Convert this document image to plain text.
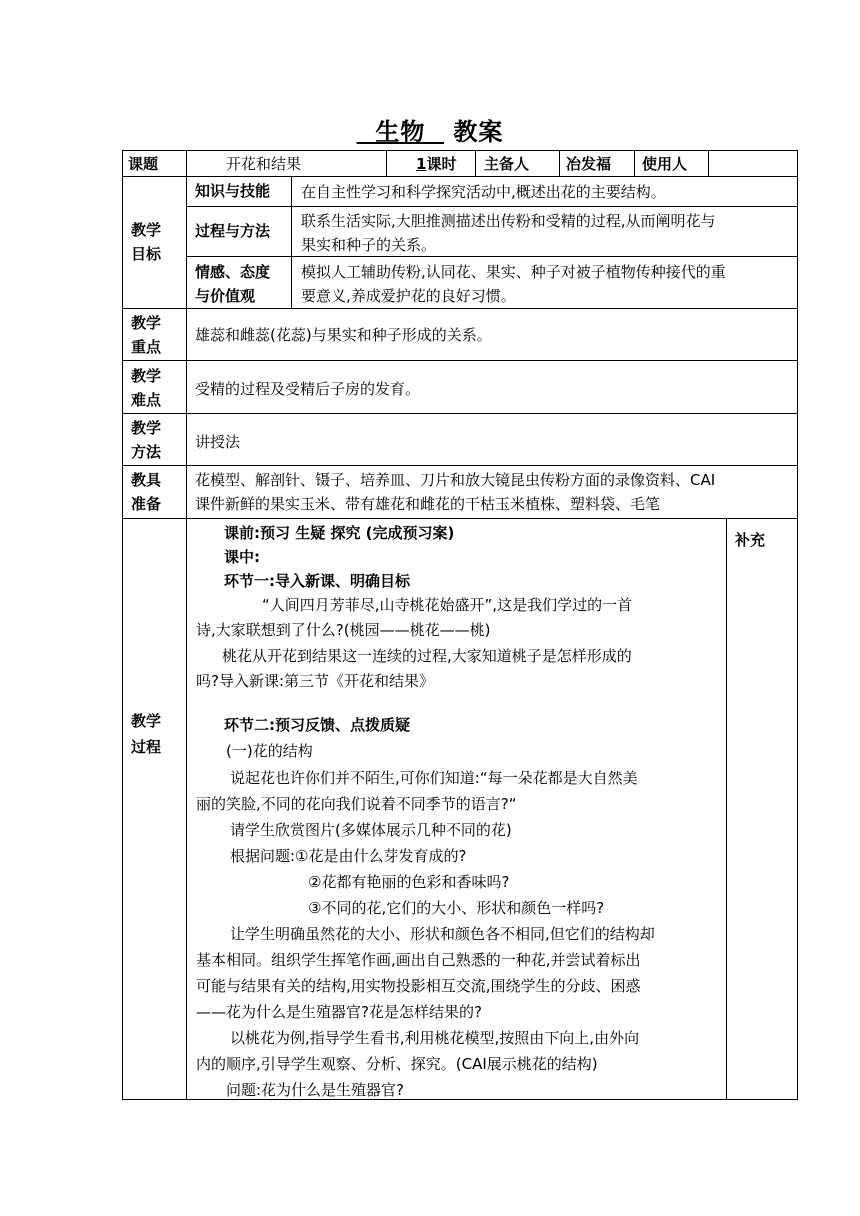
生物   教案
课题	开花和结果	1课时 主备人 冶发福 使用人
教学
目标
知识与技能 在自主性学习和科学探究活动中,概述出花的主要结构。
过程与方法
联系生活实际,大胆推测描述出传粉和受精的过程,从而阐明花与
果实和种子的关系。
情感、态度
与价值观
模拟人工辅助传粉,认同花、果实、种子对被子植物传种接代的重
要意义,养成爱护花的良好习惯。
教学
重点
雄蕊和雌蕊(花蕊)与果实和种子形成的关系。
教学
难点
受精的过程及受精后子房的发育。
教学
方法
讲授法
教具
准备
花模型、解剖针、镊子、培养皿、刀片和放大镜昆虫传粉方面的录像资料、CAI
课件新鲜的果实玉米、带有雄花和雌花的干枯玉米植株、塑料袋、毛笔
教学
过程
补充
课前:预习 生疑 探究 (完成预习案)
课中:
环节一:导入新课、明确目标
“人间四月芳菲尽,山寺桃花始盛开”,这是我们学过的一首
诗,大家联想到了什么?(桃园——桃花——桃)
桃花从开花到结果这一连续的过程,大家知道桃子是怎样形成的
吗?导入新课:第三节《开花和结果》
环节二:预习反馈、点拨质疑
(一)花的结构
说起花也许你们并不陌生,可你们知道:“每一朵花都是大自然美
丽的笑脸,不同的花向我们说着不同季节的语言?“
请学生欣赏图片(多媒体展示几种不同的花)
根据问题:①花是由什么芽发育成的?
②花都有艳丽的色彩和香味吗?
③不同的花,它们的大小、形状和颜色一样吗?
让学生明确虽然花的大小、形状和颜色各不相同,但它们的结构却
基本相同。组织学生挥笔作画,画出自己熟悉的一种花,并尝试着标出
可能与结果有关的结构,用实物投影相互交流,围绕学生的分歧、困惑
——花为什么是生殖器官?花是怎样结果的?
以桃花为例,指导学生看书,利用桃花模型,按照由下向上,由外向
内的顺序,引导学生观察、分析、探究。(CAI展示桃花的结构)
问题:花为什么是生殖器官?
